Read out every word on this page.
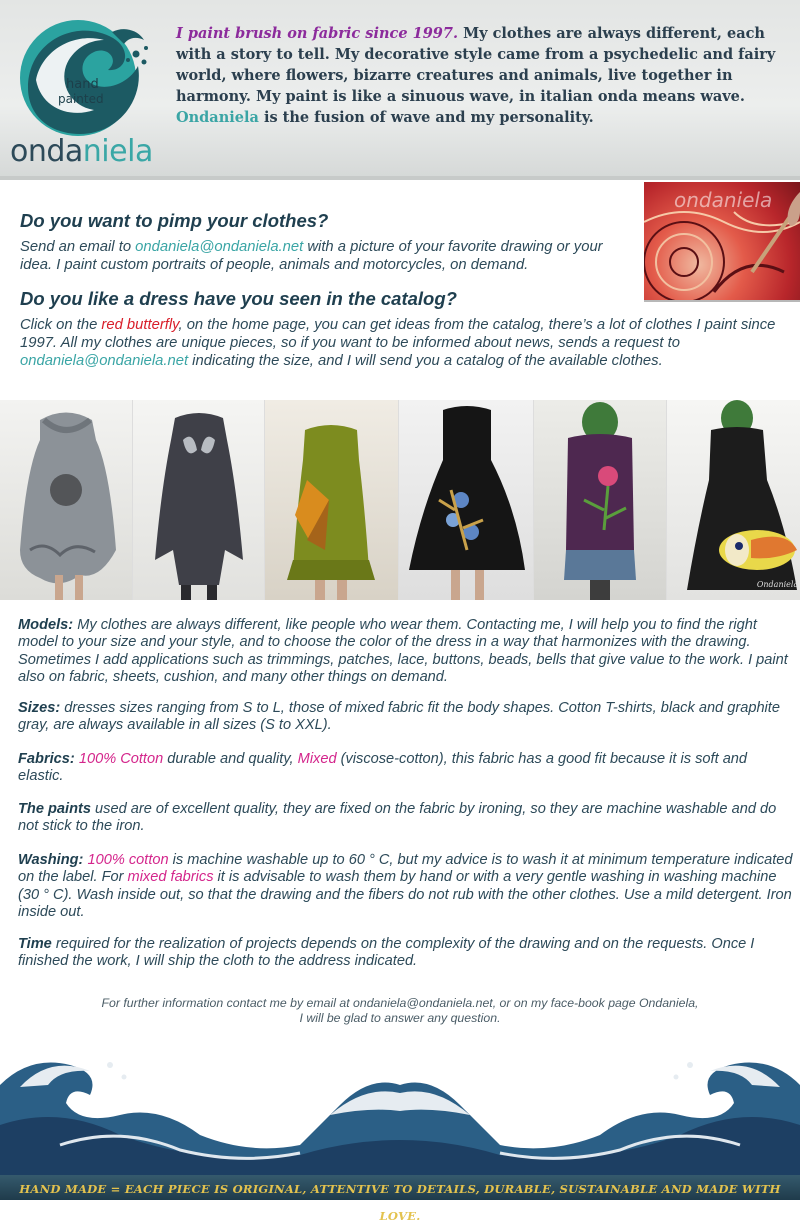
hand
painted
ondaniela
I paint brush on fabric since 1997. My clothes are always different, each with a story to tell. My decorative style came from a psychedelic and fairy world, where flowers, bizarre creatures and animals, live together in harmony. My paint is like a sinuous wave, in italian onda means wave. Ondaniela is the fusion of wave and my personality.
Do you want to pimp your clothes?
Send an email to ondaniela@ondaniela.net with a picture of your favorite drawing or your idea. I paint custom portraits of people, animals and motorcycles, on demand.
Do you like a dress have you seen in the catalog?
Click on the red butterfly, on the home page, you can get ideas from the catalog, there’s a lot of clothes I paint since 1997. All my clothes are unique pieces, so if you want to be informed about news, sends a request to ondaniela@ondaniela.net indicating the size, and I will send you a catalog of the available clothes.
ondaniela
Ondaniela
Models: My clothes are always different, like people who wear them. Contacting me, I will help you to find the right model to your size and your style, and to choose the color of the dress in a way that harmonizes with the drawing. Sometimes I add applications such as trimmings, patches, lace, buttons, beads, bells that give value to the work. I paint also on fabric, sheets, cushion, and many other things on demand.
Sizes: dresses sizes ranging from S to L, those of mixed fabric fit the body shapes. Cotton T-shirts, black and graphite gray, are always available in all sizes (S to XXL).
Fabrics: 100% Cotton durable and quality, Mixed (viscose-cotton), this fabric has a good fit because it is soft and elastic.
The paints used are of excellent quality, they are fixed on the fabric by ironing, so they are machine washable and do not stick to the iron.
Washing: 100% cotton is machine washable up to 60 ° C, but my advice is to wash it at minimum temperature indicated on the label. For mixed fabrics it is advisable to wash them by hand or with a very gentle washing in washing machine (30 ° C). Wash inside out, so that the drawing and the fibers do not rub with the other clothes. Use a mild detergent. Iron inside out.
Time required for the realization of projects depends on the complexity of the drawing and on the requests. Once I finished the work, I will ship the cloth to the address indicated.
For further information contact me by email at ondaniela@ondaniela.net, or on my face-book page Ondaniela,
I will be glad to answer any question.
HAND MADE = EACH PIECE IS ORIGINAL, ATTENTIVE TO DETAILS, DURABLE, SUSTAINABLE AND MADE WITH LOVE.
